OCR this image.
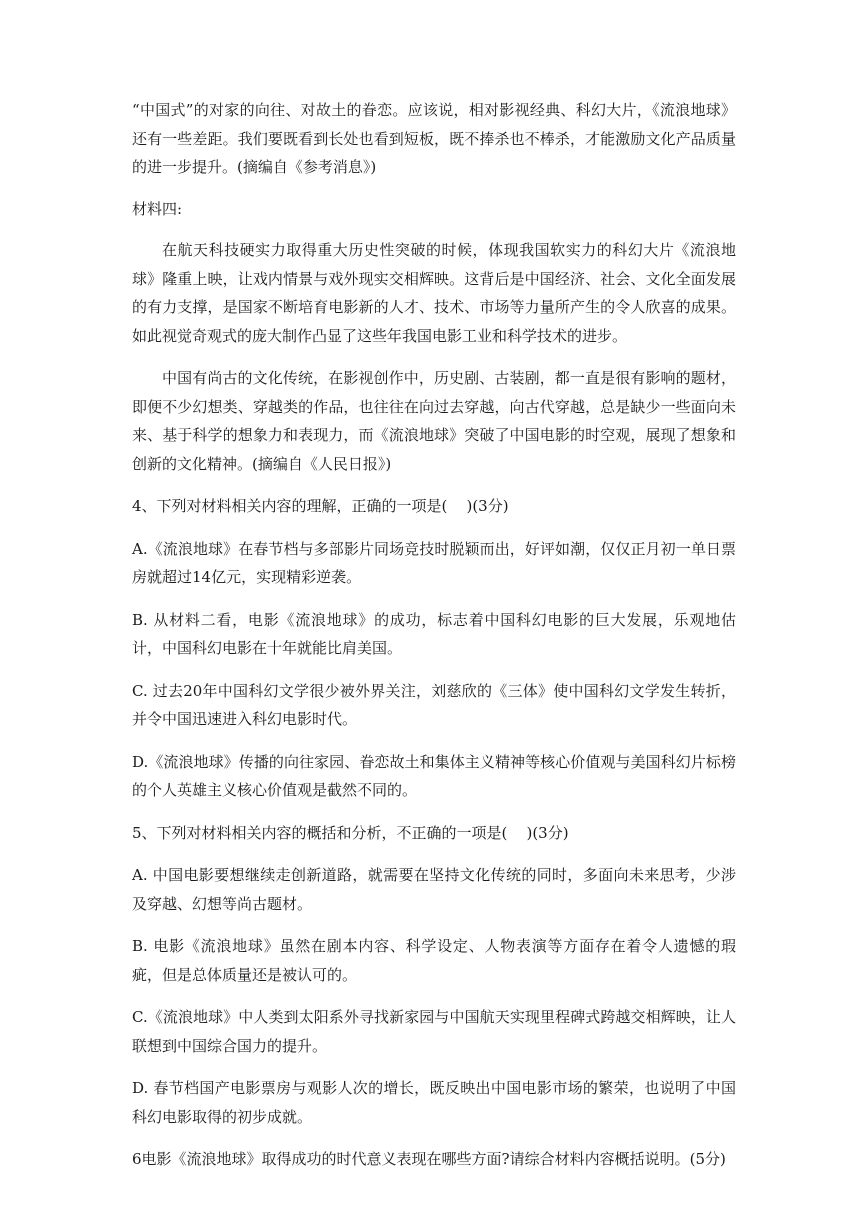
“中国式”的对家的向往、对故土的眷恋。应该说，相对影视经典、科幻大片，《流浪地球》还有一些差距。我们要既看到长处也看到短板，既不捧杀也不棒杀，才能激励文化产品质量的进一步提升。(摘编自《参考消息》)

材料四:

在航天科技硬实力取得重大历史性突破的时候，体现我国软实力的科幻大片《流浪地球》隆重上映，让戏内情景与戏外现实交相辉映。这背后是中国经济、社会、文化全面发展的有力支撑，是国家不断培育电影新的人才、技术、市场等力量所产生的令人欣喜的成果。如此视觉奇观式的庞大制作凸显了这些年我国电影工业和科学技术的进步。

中国有尚古的文化传统，在影视创作中，历史剧、古装剧，都一直是很有影响的题材，即便不少幻想类、穿越类的作品，也往往在向过去穿越，向古代穿越，总是缺少一些面向未来、基于科学的想象力和表现力，而《流浪地球》突破了中国电影的时空观，展现了想象和创新的文化精神。(摘编自《人民日报》)

4、下列对材料相关内容的理解，正确的一项是(    )(3分)

A.《流浪地球》在春节档与多部影片同场竞技时脱颖而出，好评如潮，仅仅正月初一单日票房就超过14亿元，实现精彩逆袭。

B. 从材料二看，电影《流浪地球》的成功，标志着中国科幻电影的巨大发展，乐观地估计，中国科幻电影在十年就能比肩美国。

C. 过去20年中国科幻文学很少被外界关注，刘慈欣的《三体》使中国科幻文学发生转折，并令中国迅速进入科幻电影时代。

D.《流浪地球》传播的向往家园、眷恋故土和集体主义精神等核心价值观与美国科幻片标榜的个人英雄主义核心价值观是截然不同的。

5、下列对材料相关内容的概括和分析，不正确的一项是(    )(3分)

A. 中国电影要想继续走创新道路，就需要在坚持文化传统的同时，多面向未来思考，少涉及穿越、幻想等尚古题材。

B. 电影《流浪地球》虽然在剧本内容、科学设定、人物表演等方面存在着令人遗憾的瑕疵，但是总体质量还是被认可的。

C.《流浪地球》中人类到太阳系外寻找新家园与中国航天实现里程碑式跨越交相辉映，让人联想到中国综合国力的提升。

D. 春节档国产电影票房与观影人次的增长，既反映出中国电影市场的繁荣，也说明了中国科幻电影取得的初步成就。

6电影《流浪地球》取得成功的时代意义表现在哪些方面?请综合材料内容概括说明。(5分)
